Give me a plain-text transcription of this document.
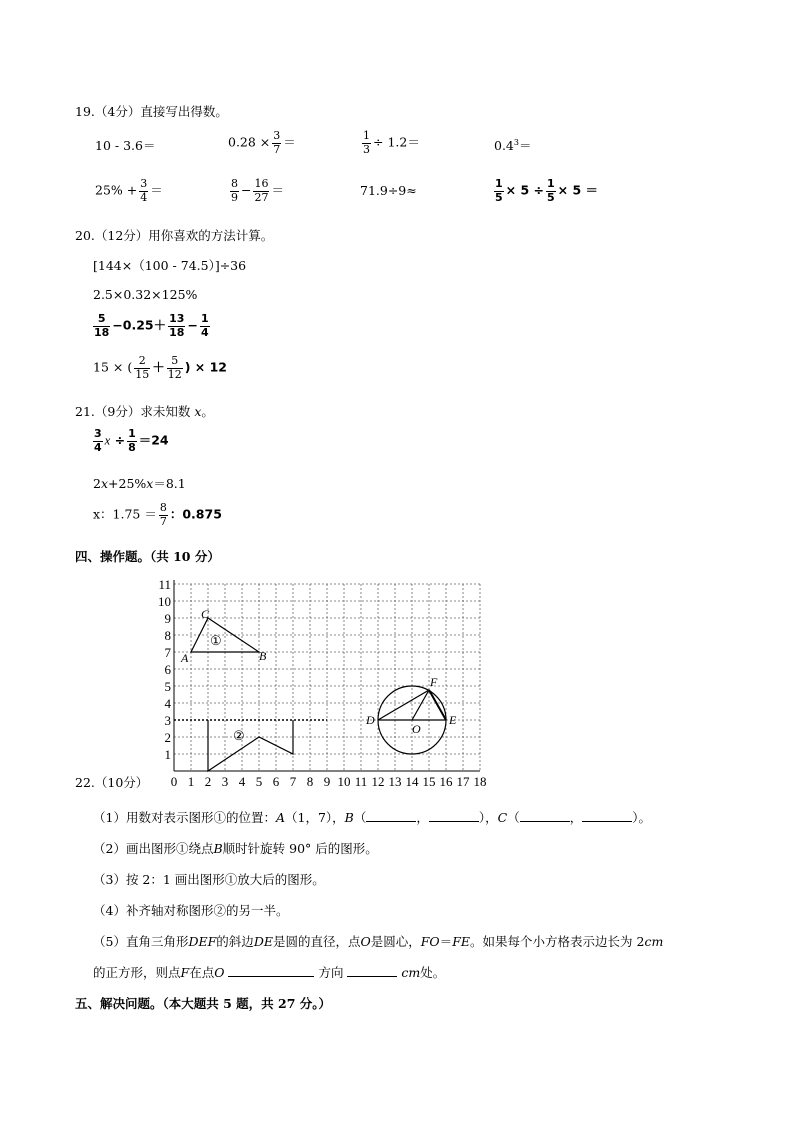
19.（4分）直接写出得数。
10 - 3.6＝	$0.28 \times \frac{3}{7}$ ＝	$\frac{1}{3} \div 1.2=$	$0.4^3=$
$25\% + \frac{3}{4}$ ＝	$\frac{8}{9} - \frac{16}{27}$ ＝	71.9÷9≈	$\frac{1}{5} \times 5 \div \frac{1}{5} \times 5$ ＝
20.（12分）用你喜欢的方法计算。
[144×（100 - 74.5）]÷36
2.5×0.32×125%
$\frac{5}{18} -0.25+ \frac{13}{18} - \frac{1}{4}$
15 × ( $\frac{2}{15} + \frac{5}{12}$ ) × 12
21.（9分）求未知数 x。
$\frac{3}{4}$ $x \div \frac{1}{8} =24$
2x+25%x＝8.1
x：$1.75 = \frac{8}{7}$ ：0.875
四、操作题。（共 10 分）
0 1 2 3 4 5 6 7 8 9 10 11 12 13 14 15 16 17 18
1
2
3
4
5
6
7
8
9
10
11
A	B
C
①
②
D	E
F
O
22.（10分）
（1）用数对表示图形①的位置：A（1，7），B（	，	），C（	，	）。
（2）画出图形①绕点B顺时针旋转 90° 后的图形。
（3）按 2：1 画出图形①放大后的图形。
（4）补齐轴对称图形②的另一半。
（5）直角三角形DEF的斜边DE是圆的直径，点O是圆心，FO＝FE。如果每个小方格表示边长为 2cm
的正方形，则点F在点O	方向	cm处。
五、解决问题。（本大题共 5 题，共 27 分。）
